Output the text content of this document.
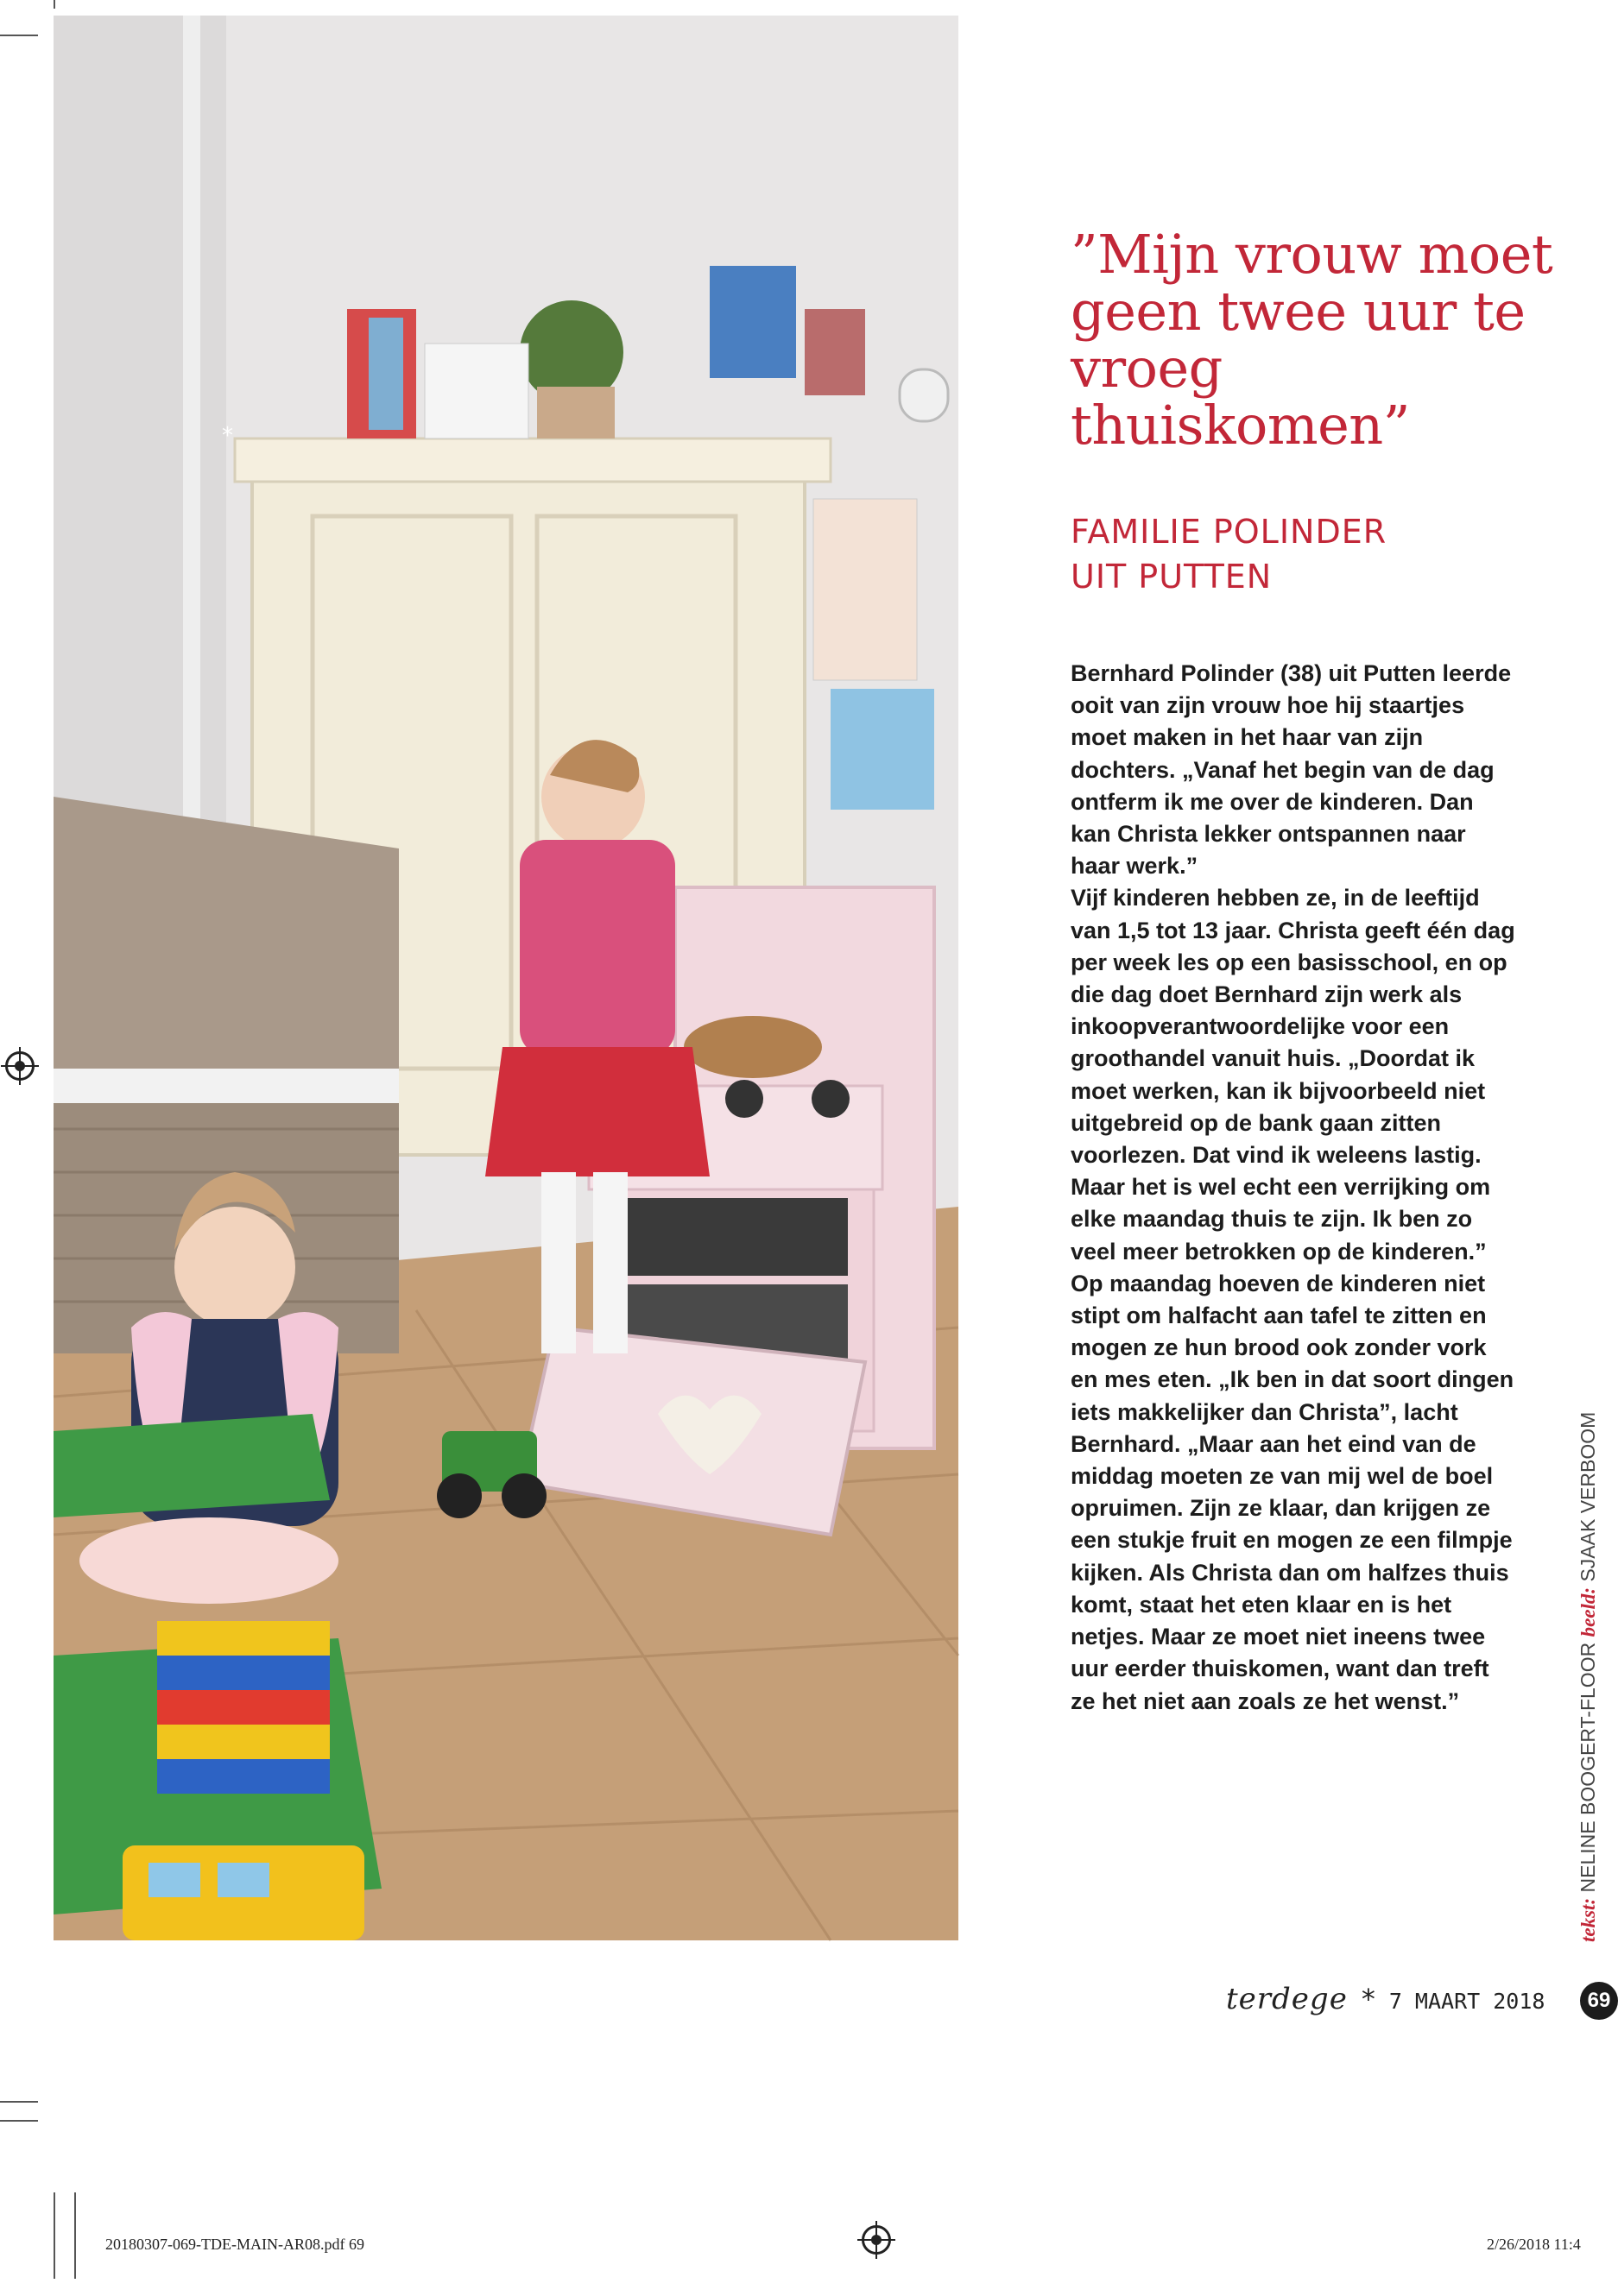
*
”Mijn vrouw moet geen twee uur te vroeg thuiskomen”
FAMILIE POLINDER
UIT PUTTEN

Bernhard Polinder (38) uit Putten leerde ooit van zijn vrouw hoe hij staartjes moet maken in het haar van zijn dochters. „Vanaf het begin van de dag ontferm ik me over de kinderen. Dan kan Christa lekker ontspannen naar haar werk.”

Vijf kinderen hebben ze, in de leeftijd van 1,5 tot 13 jaar. Christa geeft één dag per week les op een basisschool, en op die dag doet Bernhard zijn werk als inkoopverantwoordelijke voor een groothandel vanuit huis. „Doordat ik moet werken, kan ik bijvoorbeeld niet uitgebreid op de bank gaan zitten voorlezen. Dat vind ik weleens lastig. Maar het is wel echt een verrijking om elke maandag thuis te zijn. Ik ben zo veel meer betrokken op de kinderen.” Op maandag hoeven de kinderen niet stipt om halfacht aan tafel te zitten en mogen ze hun brood ook zonder vork en mes eten. „Ik ben in dat soort dingen iets makkelijker dan Christa”, lacht Bernhard. „Maar aan het eind van de middag moeten ze van mij wel de boel opruimen. Zijn ze klaar, dan krijgen ze een stukje fruit en mogen ze een filmpje kijken. Als Christa dan om halfzes thuis komt, staat het eten klaar en is het netjes. Maar ze moet niet ineens twee uur eerder thuiskomen, want dan treft ze het niet aan zoals ze het wenst.”

tekst: NELINE BOOGERT-FLOOR beeld: SJAAK VERBOOM
terdege * 7 MAART 2018	69
20180307-069-TDE-MAIN-AR08.pdf 69	2/26/2018 11:4
